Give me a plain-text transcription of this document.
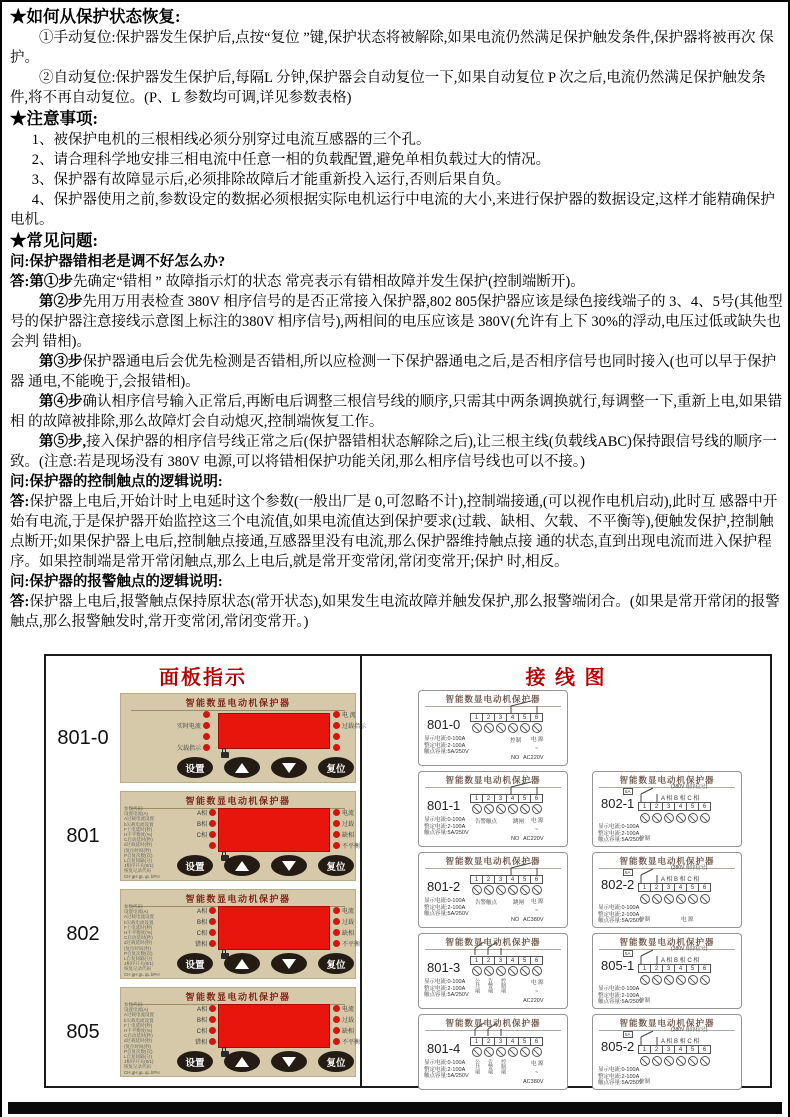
★如何从保护状态恢复:
①手动复位:保护器发生保护后,点按“复位 ”键,保护状态将被解除,如果电流仍然满足保护触发条件,保护器将被再次 保护。
②自动复位:保护器发生保护后,每隔L 分钟,保护器会自动复位一下,如果自动复位 P 次之后,电流仍然满足保护触发条 件,将不再自动复位。(P、L 参数均可调,详见参数表格)
★注意事项:
1、被保护电机的三根相线必须分别穿过电流互感器的三个孔。
2、请合理科学地安排三相电流中任意一相的负载配置,避免单相负载过大的情况。
3、保护器有故障显示后,必须排除故障后才能重新投入运行,否则后果自负。
4、保护器使用之前,参数设定的数据必须根据实际电机运行中电流的大小,来进行保护器的数据设定,这样才能精确保护电机。
★常见问题:
问:保护器错相老是调不好怎么办?
答:第①步先确定“错相 ” 故障指示灯的状态 常亮表示有错相故障并发生保护(控制端断开)。
第②步先用万用表检查 380V 相序信号的是否正常接入保护器,802 805保护器应该是绿色接线端子的 3、4、5号(其他型号的保护器注意接线示意图上标注的380V 相序信号),两相间的电压应该是 380V(允许有上下 30%的浮动,电压过低或缺失也会判 错相)。
第③步保护器通电后会优先检测是否错相,所以应检测一下保护器通电之后,是否相序信号也同时接入(也可以早于保护器 通电,不能晚于,会报错相)。
第④步确认相序信号输入正常后,再断电后调整三根信号线的顺序,只需其中两条调换就行,每调整一下,重新上电,如果错相 的故障被排除,那么故障灯会自动熄灭,控制端恢复工作。
第⑤步,接入保护器的相序信号线正常之后(保护器错相状态解除之后),让三根主线(负载线ABC)保持跟信号线的顺序一 致。(注意:若是现场没有 380V 电源,可以将错相保护功能关闭,那么相序信号线也可以不接。)
问:保护器的控制触点的逻辑说明:
答:保护器上电后,开始计时上电延时这个参数(一般出厂是 0,可忽略不计),控制端接通,(可以视作电机启动),此时互 感器中开始有电流,于是保护器开始监控这三个电流值,如果电流值达到保护要求(过载、缺相、欠载、不平衡等),便触发保护,控制触点断开;如果保护器上电后,控制触点接通,互感器里没有电流,那么保护器维持触点接 通的状态,直到出现电流而进入保护程序。如果控制端是常开常闭触点,那么上电后,就是常开变常闭,常闭变常开;保护 时,相反。
问:保护器的报警触点的逻辑说明:
答:保护器上电后,报警触点保持原状态(常开状态),如果发生电流故障并触发保护,那么报警端闭合。(如果是常开常闭的报警触点,那么报警触发时,常开变常闭,常闭变常开。)
面板指示
801-0
智能数显电动机保护器
实时电流
欠载指示
电 流
过载指示
设置	复位
801
智能数显电动机保护器
参数代码:
设置电流(A)
A过载电流设置
b欠载电流设置
F上电延时(秒)
H不平衡度(%)
C启动延时(秒)
d过载延时(秒)
(复位时间(秒)
P自复次数(次)
L自复间隔(分)
J相序开关(0/1)
恢复记录代码
CH gH gL qL bPH
A相
B相
C相
电流
过载
缺相
不平衡
设置	复位
802
智能数显电动机保护器
参数代码:
设置电流(A)
A过载电流设置
b欠载电流设置
F上电延时(秒)
H不平衡度(%)
C启动延时(秒)
d过载延时(秒)
(复位时间(秒)
P自复次数(次)
L自复间隔(分)
J相序开关(0/1)
恢复记录代码
CH gH gL qL bPH
A相
B相
C相
错相
电流
过载
缺相
不平衡
设置	复位
805
智能数显电动机保护器
参数代码:
设置电流(A)
A过载电流设置
b欠载电流设置
F上电延时(秒)
H不平衡度(%)
C启动延时(秒)
d过载延时(秒)
(复位时间(秒)
P自复次数(次)
L自复间隔(分)
J相序开关(0/1)
恢复记录代码
CH gH gL qL bPH
A相
B相
C相
错相
电流
过载
缺相
不平衡
设置	复位
接 线 图
智能数显电动机保护器
801-0	1	2	3	4	5	6
控制 电 源
NO
~
AC220V
显示电流:0-100A
整定电流:2-100A
触点容量:5A/250V
智能数显电动机保护器
801-1	1	2	3	4	5	6
告警触点	跳闸 电 源
NO
~
AC220V
显示电流:0-100A
整定电流:2-100A
触点容量:5A/250V
智能数显电动机保护器
802-1	1	2	3	4	5	6
(380V 相序信号)
A 相 B 相 C 相
5A
控制
显示电流:0-100A
整定电流:2-100A
触点容量:5A/250V
智能数显电动机保护器
801-2	1	2	3	4	5	6
告警触点	跳闸 电 源
NO
~
AC380V
显示电流:0-100A
整定电流:2-100A
触点容量:5A/250V
智能数显电动机保护器
802-2	1	2	3	4	5	6
(380V 相序信号)
A 相 B 相 C 相
5A
控制	电 源
显示电流:0-100A
整定电流:2-100A
触点容量:5A/250V
智能数显电动机保护器
801-3	1	2	3	4	5	6
公共端 告警端 控制端	电 源
~
AC220V
显示电流:0-100A
整定电流:2-100A
触点容量:5A/250V
智能数显电动机保护器
805-1	1	2	3	4	5	6
(380V 相序信号)
A 相 B 相 C 相
5A
控制
显示电流:0-100A
整定电流:2-100A
触点容量:5A/250V
智能数显电动机保护器
801-4	1	2	3	4	5	6
公共端 告警端 控制端	电 源
~
AC380V
显示电流:0-100A
整定电流:2-100A
触点容量:5A/250V
智能数显电动机保护器
805-2	1	2	3	4	5	6
(380V 相序信号)
A 相 B 相 C 相
5A
控制
显示电流:0-100A
整定电流:2-100A
触点容量:5A/250V
